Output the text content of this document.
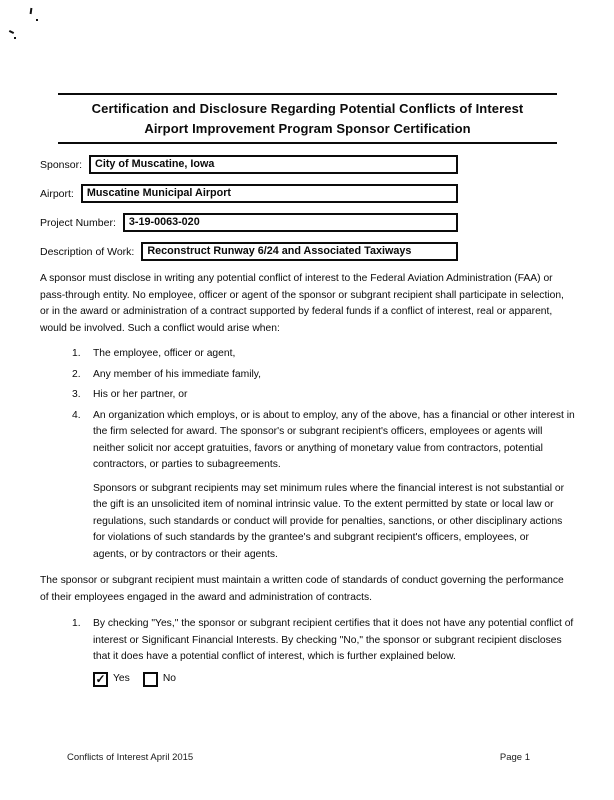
Certification and Disclosure Regarding Potential Conflicts of Interest
Airport Improvement Program Sponsor Certification
Sponsor:	City of Muscatine, Iowa
Airport:	Muscatine Municipal Airport
Project Number:	3-19-0063-020
Description of Work:	Reconstruct Runway 6/24 and Associated Taxiways

A sponsor must disclose in writing any potential conflict of interest to the Federal Aviation Administration (FAA) or pass-through entity. No employee, officer or agent of the sponsor or subgrant recipient shall participate in selection, or in the award or administration of a contract supported by federal funds if a conflict of interest, real or apparent, would be involved. Such a conflict would arise when:

1.	The employee, officer or agent,
2.	Any member of his immediate family,
3.	His or her partner, or
4.	An organization which employs, or is about to employ, any of the above, has a financial or other interest in the firm selected for award. The sponsor's or subgrant recipient's officers, employees or agents will neither solicit nor accept gratuities, favors or anything of monetary value from contractors, potential contractors, or parties to subagreements.

Sponsors or subgrant recipients may set minimum rules where the financial interest is not substantial or the gift is an unsolicited item of nominal intrinsic value. To the extent permitted by state or local law or regulations, such standards or conduct will provide for penalties, sanctions, or other disciplinary actions for violations of such standards by the grantee's and subgrant recipient's officers, employees, or agents, or by contractors or their agents.

The sponsor or subgrant recipient must maintain a written code of standards of conduct governing the performance of their employees engaged in the award and administration of contracts.

1.	By checking "Yes," the sponsor or subgrant recipient certifies that it does not have any potential conflict of interest or Significant Financial Interests. By checking "No," the sponsor or subgrant recipient discloses that it does have a potential conflict of interest, which is further explained below.
✓ Yes	No
Conflicts of Interest April 2015	Page 1
